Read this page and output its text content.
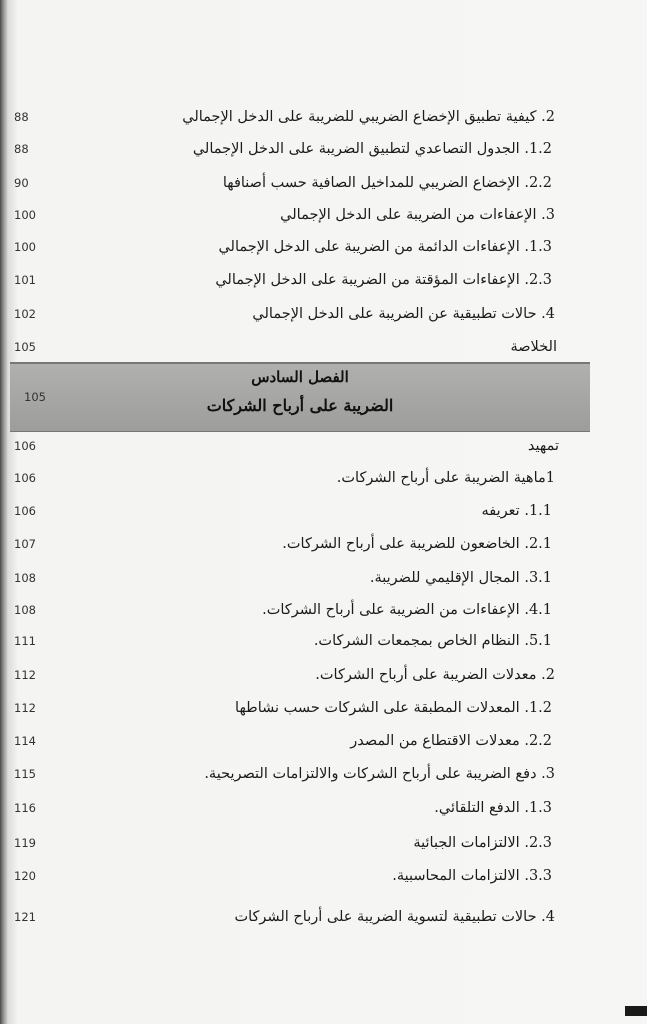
88	2. كيفية تطبيق الإخضاع الضريبي للضريبة على الدخل الإجمالي
88	1.2. الجدول التصاعدي لتطبيق الضريبة على الدخل الإجمالي
90	2.2. الإخضاع الضريبي للمداخيل الصافية حسب أصنافها
100	3. الإعفاءات من الضريبة على الدخل الإجمالي
100	1.3. الإعفاءات الدائمة من الضريبة على الدخل الإجمالي
101	2.3. الإعفاءات المؤقتة من الضريبة على الدخل الإجمالي
102	4. حالات تطبيقية عن الضريبة على الدخل الإجمالي
105	الخلاصة
105
الفصل السادس
الضريبة على أرباح الشركات
106	تمهيد
106	1ماهية الضريبة على أرباح الشركات.
106	1.1. تعريفه
107	2.1. الخاضعون للضريبة على أرباح الشركات.
108	3.1. المجال الإقليمي للضريبة.
108	4.1. الإعفاءات من الضريبة على أرباح الشركات.
111	5.1. النظام الخاص بمجمعات الشركات.
112	2. معدلات الضريبة على أرباح الشركات.
112	1.2. المعدلات المطبقة على الشركات حسب نشاطها
114	2.2. معدلات الاقتطاع من المصدر
115	3. دفع الضريبة على أرباح الشركات والالتزامات التصريحية.
116	1.3. الدفع التلقائي.
119	2.3. الالتزامات الجبائية
120	3.3. الالتزامات المحاسبية.
121	4. حالات تطبيقية لتسوية الضريبة على أرباح الشركات
